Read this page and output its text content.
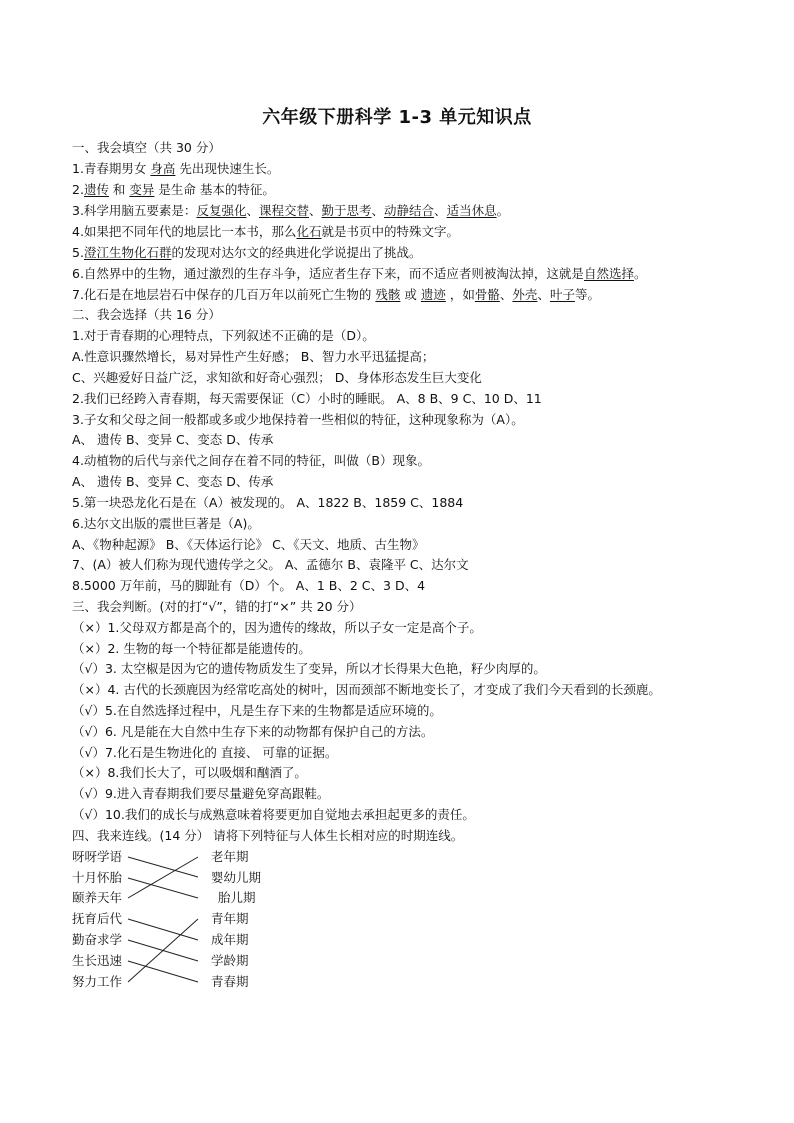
六年级下册科学 1-3 单元知识点
一、我会填空（共 30 分）
1.青春期男女 身高 先出现快速生长。
2.遗传 和 变异 是生命 基本的特征。
3.科学用脑五要素是：反复强化、课程交替、勤于思考、动静结合、适当休息。
4.如果把不同年代的地层比一本书，那么化石就是书页中的特殊文字。
5.澄江生物化石群的发现对达尔文的经典进化学说提出了挑战。
6.自然界中的生物，通过激烈的生存斗争，适应者生存下来，而不适应者则被淘汰掉，这就是自然选择。
7.化石是在地层岩石中保存的几百万年以前死亡生物的 残骸 或 遗迹 ，如骨骼、外壳、叶子等。
二、我会选择（共 16 分）
1.对于青春期的心理特点，下列叙述不正确的是（D）。
A.性意识骤然增长，易对异性产生好感； B、智力水平迅猛提高；
C、兴趣爱好日益广泛，求知欲和好奇心强烈； D、身体形态发生巨大变化
2.我们已经跨入青春期，每天需要保证（C）小时的睡眠。 A、8 B、9 C、10 D、11
3.子女和父母之间一般都或多或少地保持着一些相似的特征，这种现象称为（A）。
A、 遗传 B、变异 C、变态 D、传承
4.动植物的后代与亲代之间存在着不同的特征，叫做（B）现象。
A、 遗传 B、变异 C、变态 D、传承
5.第一块恐龙化石是在（A）被发现的。 A、1822 B、1859 C、1884
6.达尔文出版的震世巨著是（A)。
A、《物种起源》 B、《天体运行论》 C、《天文、地质、古生物》
7、(A）被人们称为现代遗传学之父。 A、孟德尔 B、袁隆平 C、达尔文
8.5000 万年前，马的脚趾有（D）个。 A、1 B、2 C、3 D、4
三、我会判断。(对的打“√”，错的打“×” 共 20 分）
（×）1.父母双方都是高个的，因为遗传的缘故，所以子女一定是高个子。
（×）2. 生物的每一个特征都是能遗传的。
（√）3. 太空椒是因为它的遗传物质发生了变异，所以才长得果大色艳，籽少肉厚的。
（×）4. 古代的长颈鹿因为经常吃高处的树叶，因而颈部不断地变长了，才变成了我们今天看到的长颈鹿。
（√）5.在自然选择过程中，凡是生存下来的生物都是适应环境的。
（√）6. 凡是能在大自然中生存下来的动物都有保护自己的方法。
（√）7.化石是生物进化的 直接、 可靠的证据。
（×）8.我们长大了，可以吸烟和酗酒了。
（√）9.进入青春期我们要尽量避免穿高跟鞋。
（√）10.我们的成长与成熟意味着将要更加自觉地去承担起更多的责任。
四、我来连线。(14 分） 请将下列特征与人体生长相对应的时期连线。
呀呀学语
十月怀胎
颐养天年
抚育后代
勤奋求学
生长迅速
努力工作
老年期
婴幼儿期
胎儿期
青年期
成年期
学龄期
青春期
